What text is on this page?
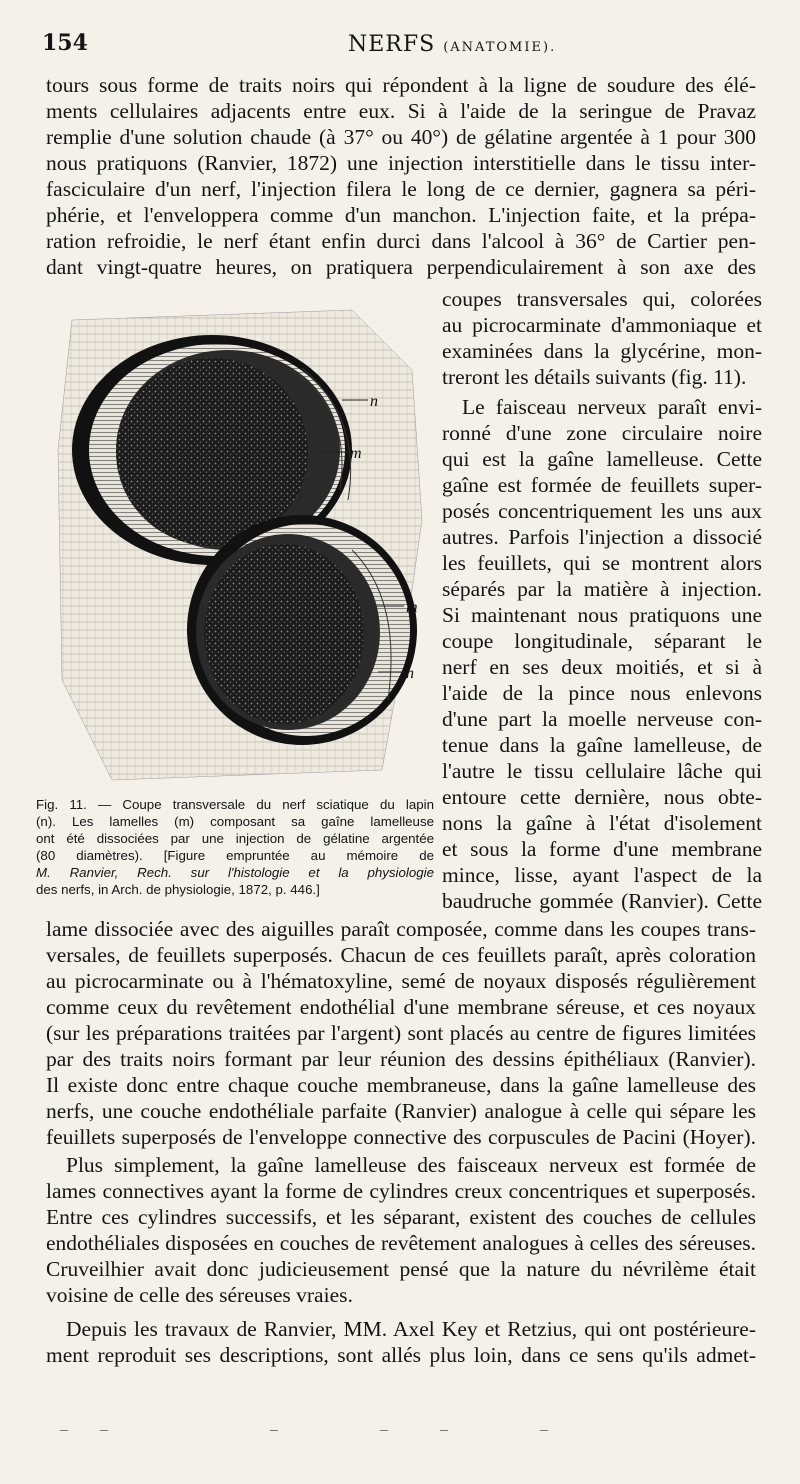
154	NERFS (ANATOMIE).
tours sous forme de traits noirs qui répondent à la ligne de soudure des élé-
ments cellulaires adjacents entre eux. Si à l'aide de la seringue de Pravaz
remplie d'une solution chaude (à 37° ou 40°) de gélatine argentée à 1 pour 300
nous pratiquons (Ranvier, 1872) une injection interstitielle dans le tissu inter-
fasciculaire d'un nerf, l'injection filera le long de ce dernier, gagnera sa péri-
phérie, et l'enveloppera comme d'un manchon. L'injection faite, et la prépa-
ration refroidie, le nerf étant enfin durci dans l'alcool à 36° de Cartier pen-
dant vingt-quatre heures, on pratiquera perpendiculairement à son axe des
coupes transversales qui, colorées
au picrocarminate d'ammoniaque et
examinées dans la glycérine, mon-
treront les détails suivants (fig. 11).
Le faisceau nerveux paraît envi-
ronné d'une zone circulaire noire
qui est la gaîne lamelleuse. Cette
gaîne est formée de feuillets super-
posés concentriquement les uns aux
autres. Parfois l'injection a dissocié
les feuillets, qui se montrent alors
séparés par la matière à injection.
Si maintenant nous pratiquons une
coupe longitudinale, séparant le
nerf en ses deux moitiés, et si à
l'aide de la pince nous enlevons
d'une part la moelle nerveuse con-
tenue dans la gaîne lamelleuse, de
l'autre le tissu cellulaire lâche qui
entoure cette dernière, nous obte-
nons la gaîne à l'état d'isolement
et sous la forme d'une membrane
mince, lisse, ayant l'aspect de la
baudruche gommée (Ranvier). Cette
lame dissociée avec des aiguilles paraît composée, comme dans les coupes trans-
versales, de feuillets superposés. Chacun de ces feuillets paraît, après coloration
au picrocarminate ou à l'hématoxyline, semé de noyaux disposés régulièrement
comme ceux du revêtement endothélial d'une membrane séreuse, et ces noyaux
(sur les préparations traitées par l'argent) sont placés au centre de figures limitées
par des traits noirs formant par leur réunion des dessins épithéliaux (Ranvier).
Il existe donc entre chaque couche membraneuse, dans la gaîne lamelleuse des
nerfs, une couche endothéliale parfaite (Ranvier) analogue à celle qui sépare les
feuillets superposés de l'enveloppe connective des corpuscules de Pacini (Hoyer).
Plus simplement, la gaîne lamelleuse des faisceaux nerveux est formée de
lames connectives ayant la forme de cylindres creux concentriques et superposés.
Entre ces cylindres successifs, et les séparant, existent des couches de cellules
endothéliales disposées en couches de revêtement analogues à celles des séreuses.
Cruveilhier avait donc judicieusement pensé que la nature du névrilème était
voisine de celle des séreuses vraies.
Depuis les travaux de Ranvier, MM. Axel Key et Retzius, qui ont postérieure-
ment reproduit ses descriptions, sont allés plus loin, dans ce sens qu'ils admet-
n
m
m
n
Fig. 11. — Coupe transversale du nerf sciatique du lapin
(n). Les lamelles (m) composant sa gaîne lamelleuse
ont été dissociées par une injection de gélatine argentée
(80 diamètres). [Figure empruntée au mémoire de
M. Ranvier, Rech. sur l'histologie et la physiologie
des nerfs, in Arch. de physiologie, 1872, p. 446.]
